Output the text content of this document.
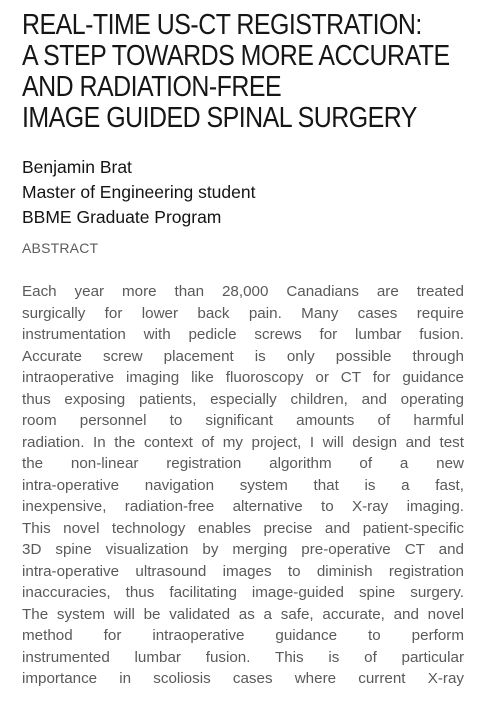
REAL-TIME US-CT REGISTRATION:
A STEP TOWARDS MORE ACCURATE
AND RADIATION-FREE
IMAGE GUIDED SPINAL SURGERY
Benjamin Brat
Master of Engineering student
BBME Graduate Program
ABSTRACT
Each year more than 28,000 Canadians are treated
surgically for lower back pain. Many cases require
instrumentation with pedicle screws for lumbar fusion.
Accurate screw placement is only possible through
intraoperative imaging like fluoroscopy or CT for guidance
thus exposing patients, especially children, and operating
room personnel to significant amounts of harmful
radiation. In the context of my project, I will design and test
the non-linear registration algorithm of a new
intra-operative navigation system that is a fast,
inexpensive, radiation-free alternative to X-ray imaging.
This novel technology enables precise and patient-specific
3D spine visualization by merging pre-operative CT and
intra-operative ultrasound images to diminish registration
inaccuracies, thus facilitating image-guided spine surgery.
The system will be validated as a safe, accurate, and novel
method for intraoperative guidance to perform
instrumented lumbar fusion. This is of particular
importance in scoliosis cases where current X-ray
